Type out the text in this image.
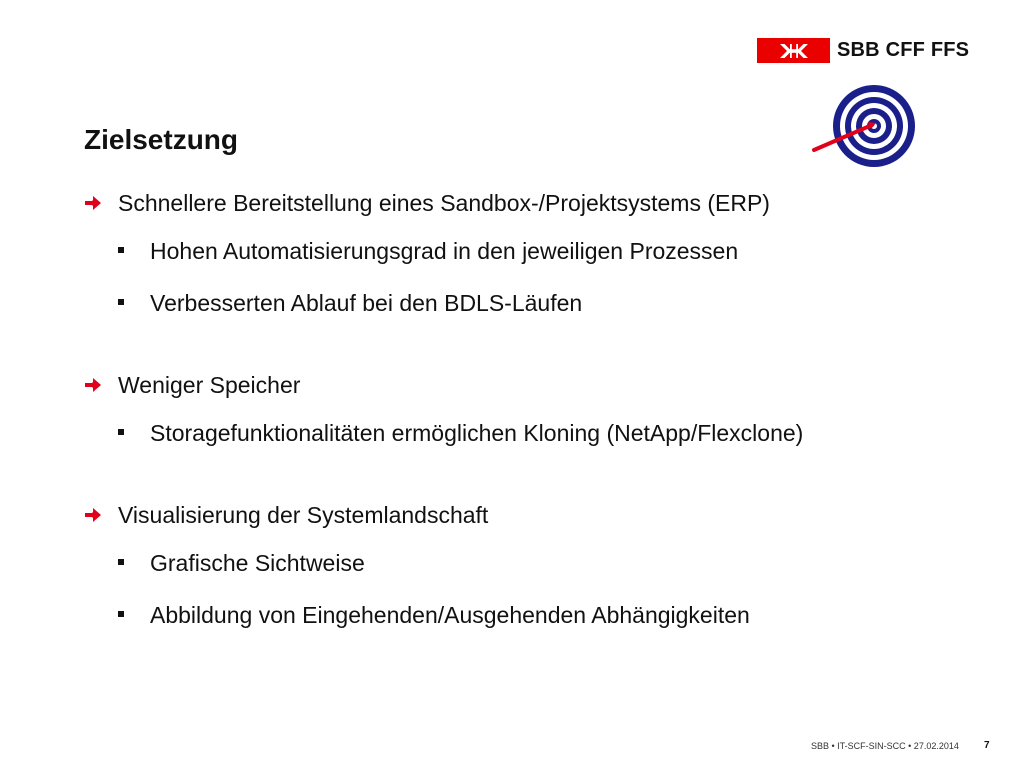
SBB CFF FFS
Zielsetzung
Schnellere Bereitstellung eines Sandbox-/Projektsystems (ERP)
Hohen Automatisierungsgrad in den jeweiligen Prozessen
Verbesserten Ablauf bei den BDLS-Läufen
Weniger Speicher
Storagefunktionalitäten ermöglichen Kloning (NetApp/Flexclone)
Visualisierung der Systemlandschaft
Grafische Sichtweise
Abbildung von Eingehenden/Ausgehenden Abhängigkeiten
SBB • IT-SCF-SIN-SCC • 27.02.2014	7
